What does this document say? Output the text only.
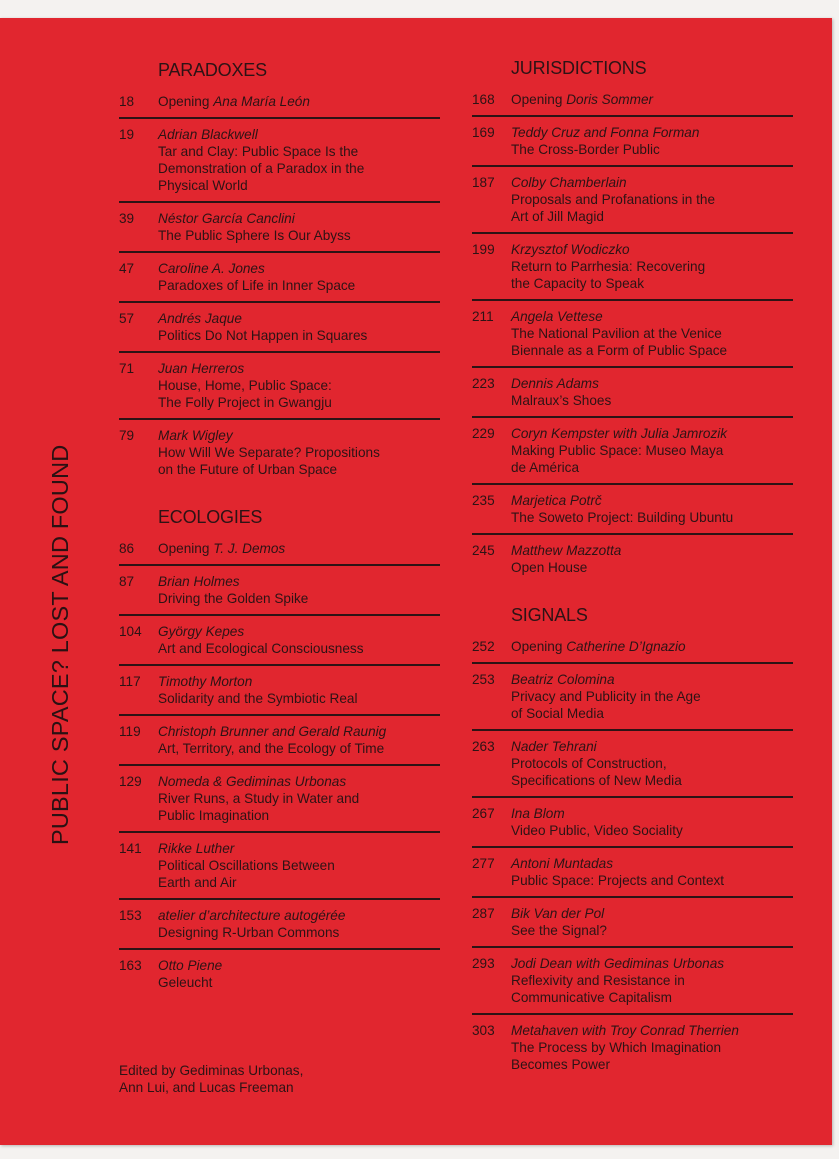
PUBLIC SPACE? LOST AND FOUND
PARADOXES
18 Opening Ana María León
19 Adrian Blackwell
Tar and Clay: Public Space Is the
Demonstration of a Paradox in the
Physical World
39 Néstor García Canclini
The Public Sphere Is Our Abyss
47 Caroline A. Jones
Paradoxes of Life in Inner Space
57 Andrés Jaque
Politics Do Not Happen in Squares
71 Juan Herreros
House, Home, Public Space:
The Folly Project in Gwangju
79 Mark Wigley
How Will We Separate? Propositions
on the Future of Urban Space
ECOLOGIES
86 Opening T. J. Demos
87 Brian Holmes
Driving the Golden Spike
104 György Kepes
Art and Ecological Consciousness
117 Timothy Morton
Solidarity and the Symbiotic Real
119 Christoph Brunner and Gerald Raunig
Art, Territory, and the Ecology of Time
129 Nomeda & Gediminas Urbonas
River Runs, a Study in Water and
Public Imagination
141 Rikke Luther
Political Oscillations Between
Earth and Air
153 atelier d’architecture autogérée
Designing R-Urban Commons
163 Otto Piene
Geleucht
JURISDICTIONS
168 Opening Doris Sommer
169 Teddy Cruz and Fonna Forman
The Cross-Border Public
187 Colby Chamberlain
Proposals and Profanations in the
Art of Jill Magid
199 Krzysztof Wodiczko
Return to Parrhesia: Recovering
the Capacity to Speak
211 Angela Vettese
The National Pavilion at the Venice
Biennale as a Form of Public Space
223 Dennis Adams
Malraux’s Shoes
229 Coryn Kempster with Julia Jamrozik
Making Public Space: Museo Maya
de América
235 Marjetica Potrč
The Soweto Project: Building Ubuntu
245 Matthew Mazzotta
Open House
SIGNALS
252 Opening Catherine D’Ignazio
253 Beatriz Colomina
Privacy and Publicity in the Age
of Social Media
263 Nader Tehrani
Protocols of Construction,
Specifications of New Media
267 Ina Blom
Video Public, Video Sociality
277 Antoni Muntadas
Public Space: Projects and Context
287 Bik Van der Pol
See the Signal?
293 Jodi Dean with Gediminas Urbonas
Reflexivity and Resistance in
Communicative Capitalism
303 Metahaven with Troy Conrad Therrien
The Process by Which Imagination
Becomes Power
Edited by Gediminas Urbonas,
Ann Lui, and Lucas Freeman
